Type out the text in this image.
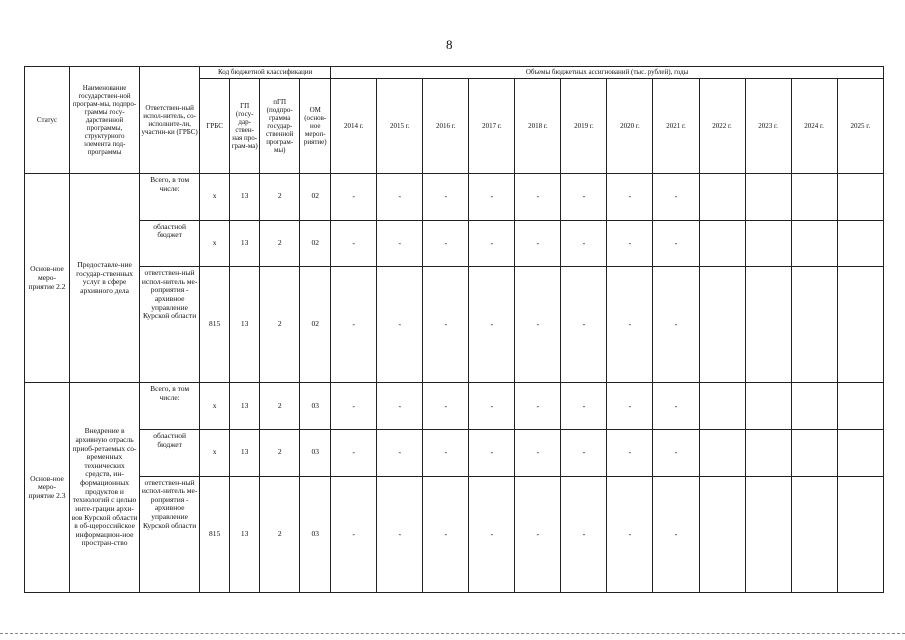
8
Статус	Наименование государствен-ной програм-мы, подпро-граммы госу-дарственной программы, структурного элемента под-программы	Ответствен-ный испол-нитель, со-исполните-ли, участни-ки (ГРБС)	Код бюджетной классификации				Объемы бюджетных ассигнований (тыс. рублей), годы											
			ГРБС	ГП (госу-дар-ствен-ная про-грам-ма)	пГП (подпро-грамма государ-ственной програм-мы)	ОМ (основ-ное мероп-риятие)	2014 г.	2015 г.	2016 г.	2017 г.	2018 г.	2019 г.	2020 г.	2021 г.	2022 г.	2023 г.	2024 г.	2025 г.
Основ-ное меро-приятие 2.2	Предоставле-ние государ-ственных услуг в сфере архивного дела	Всего, в том числе:	х	13	2	02	-	-	-	-	-	-	-	-				
		областной бюджет	х	13	2	02	-	-	-	-	-	-	-	-				
		ответствен-ный испол-нитель ме-роприятия - архивное управление Курской области	815	13	2	02	-	-	-	-	-	-	-	-				
Основ-ное меро-приятие 2.3	Внедрение в архивную отрасль приоб-ретаемых со-временных технических средств, ин-формационных продуктов и технологий с целью инте-грации архи-вов Курской области в об-щероссийское информацион-ное простран-ство	Всего, в том числе:	х	13	2	03	-	-	-	-	-	-	-	-				
		областной бюджет	х	13	2	03	-	-	-	-	-	-	-	-				
		ответствен-ный испол-нитель ме-роприятия - архивное управление Курской области	815	13	2	03	-	-	-	-	-	-	-	-				
